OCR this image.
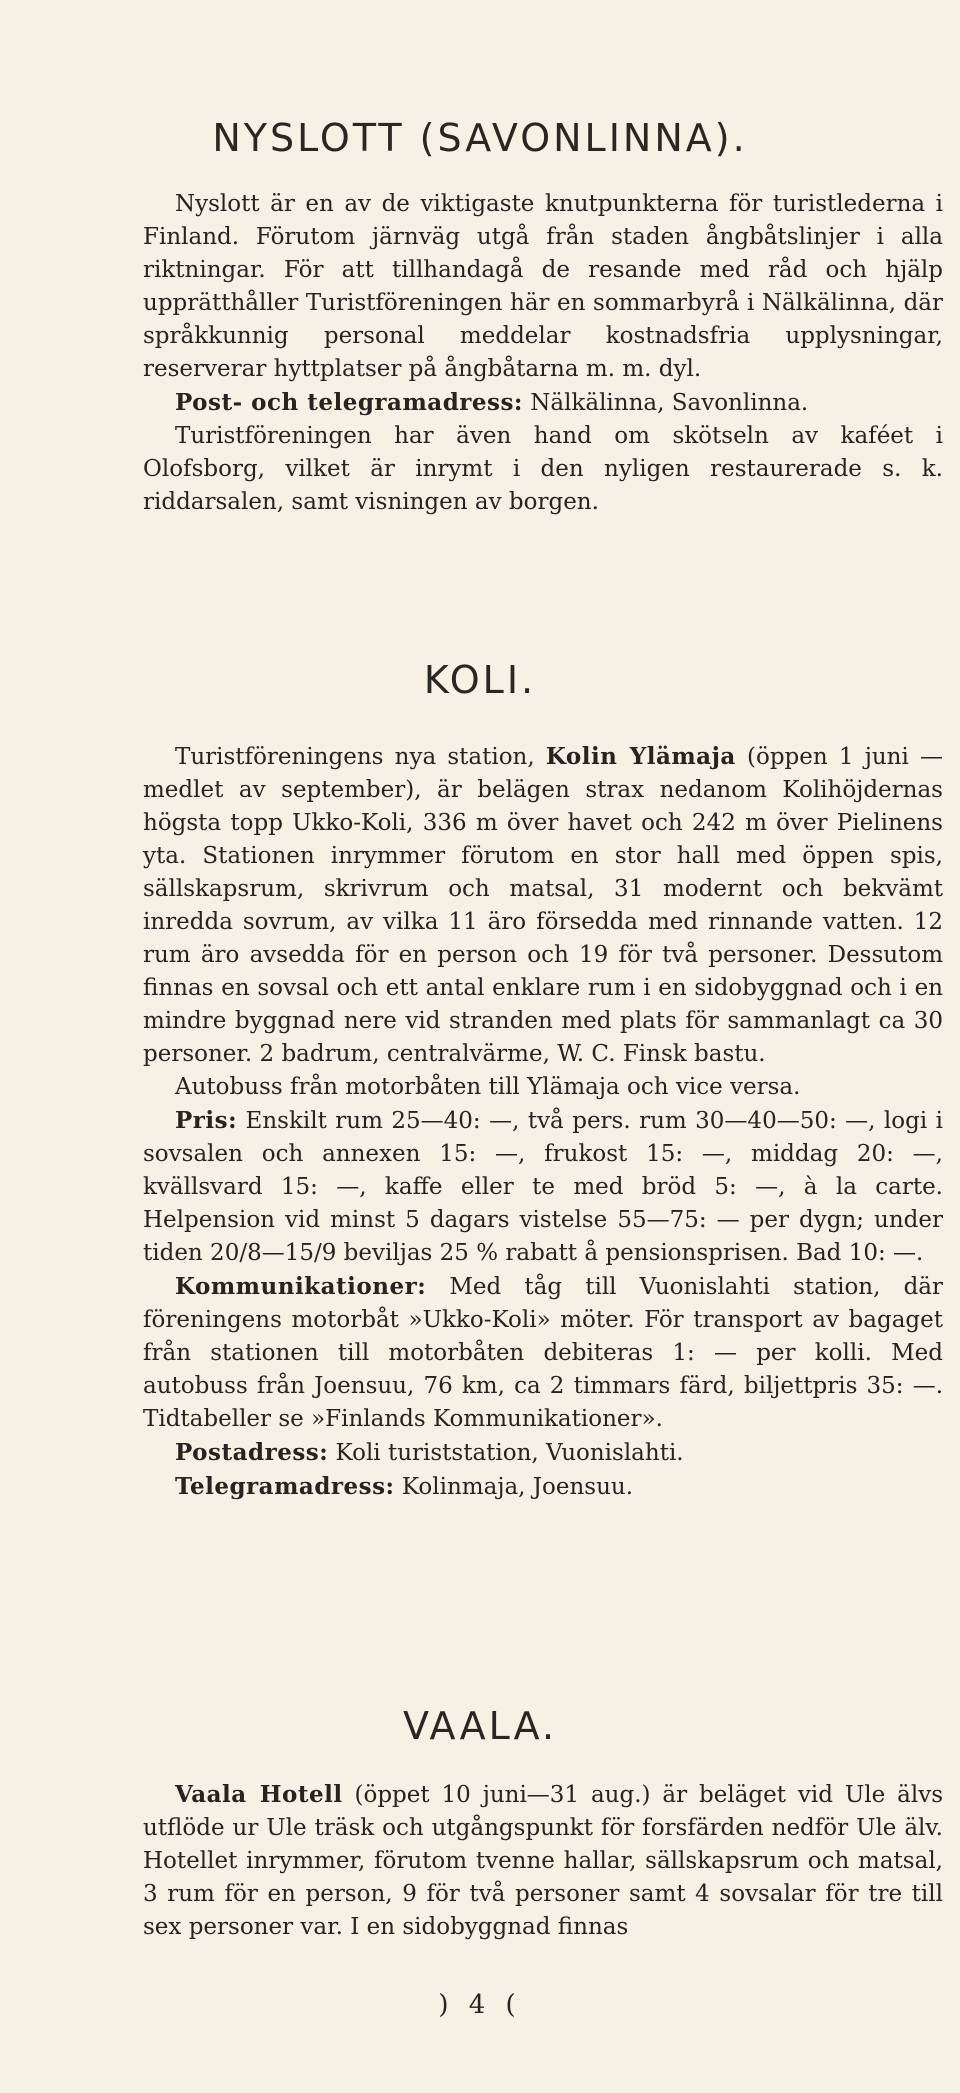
NYSLOTT (SAVONLINNA).

Nyslott är en av de viktigaste knutpunkterna för turistlederna i Finland. Förutom järnväg utgå från staden ångbåtslinjer i alla riktningar. För att tillhandagå de resande med råd och hjälp upprätthåller Turistföreningen här en sommarbyrå i Nälkälinna, där språkkunnig personal meddelar kostnadsfria upplysningar, reserverar hyttplatser på ångbåtarna m. m. dyl.

Post- och telegramadress: Nälkälinna, Savonlinna.

Turistföreningen har även hand om skötseln av kaféet i Olofsborg, vilket är inrymt i den nyligen restaurerade s. k. riddarsalen, samt visningen av borgen.

KOLI.

Turistföreningens nya station, Kolin Ylämaja (öppen 1 juni —medlet av september), är belägen strax nedanom Kolihöjdernas högsta topp Ukko-Koli, 336 m över havet och 242 m över Pielinens yta. Stationen inrymmer förutom en stor hall med öppen spis, sällskapsrum, skrivrum och matsal, 31 modernt och bekvämt inredda sovrum, av vilka 11 äro försedda med rinnande vatten. 12 rum äro avsedda för en person och 19 för två personer. Dessutom finnas en sovsal och ett antal enklare rum i en sidobyggnad och i en mindre byggnad nere vid stranden med plats för sammanlagt ca 30 personer. 2 badrum, centralvärme, W. C. Finsk bastu.

Autobuss från motorbåten till Ylämaja och vice versa.

Pris: Enskilt rum 25—40: —, två pers. rum 30—40—50: —, logi i sovsalen och annexen 15: —, frukost 15: —, middag 20: —, kvällsvard 15: —, kaffe eller te med bröd 5: —, à la carte. Helpension vid minst 5 dagars vistelse 55—75: — per dygn; under tiden 20/8—15/9 beviljas 25 % rabatt å pensionsprisen. Bad 10: —.

Kommunikationer: Med tåg till Vuonislahti station, där föreningens motorbåt »Ukko-Koli» möter. För transport av bagaget från stationen till motorbåten debiteras 1: — per kolli. Med autobuss från Joensuu, 76 km, ca 2 timmars färd, biljettpris 35: —. Tidtabeller se »Finlands Kommunikationer».

Postadress: Koli turiststation, Vuonislahti.

Telegramadress: Kolinmaja, Joensuu.

VAALA.

Vaala Hotell (öppet 10 juni—31 aug.) är beläget vid Ule älvs utflöde ur Ule träsk och utgångspunkt för forsfärden nedför Ule älv. Hotellet inrymmer, förutom tvenne hallar, sällskapsrum och matsal, 3 rum för en person, 9 för två personer samt 4 sovsalar för tre till sex personer var. I en sidobyggnad finnas

) 4 (
